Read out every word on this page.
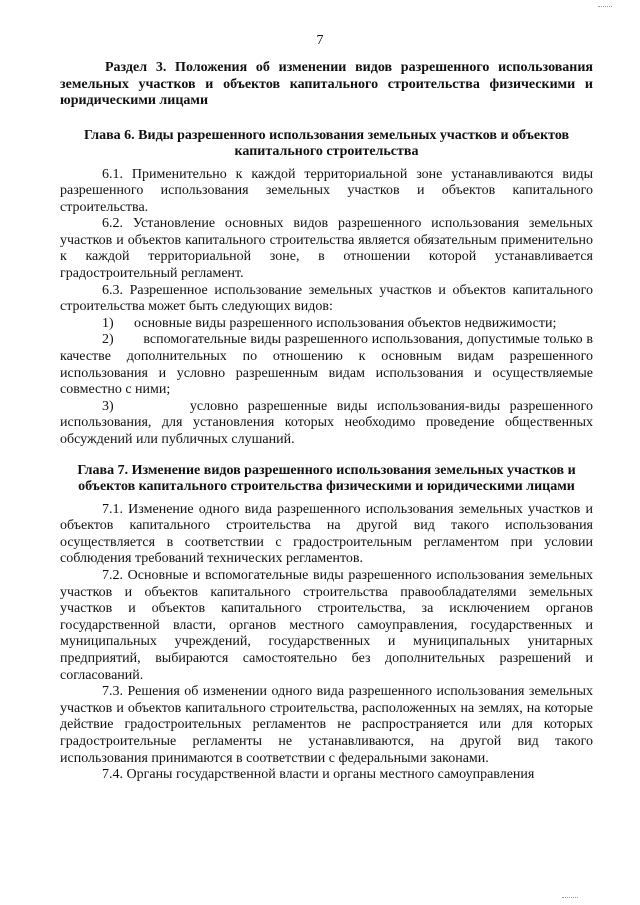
7
Раздел 3. Положения об изменении видов разрешенного использования земельных участков и объектов капитального строительства физическими и юридическими лицами
Глава 6. Виды разрешенного использования земельных участков и объектов капитального строительства

6.1. Применительно к каждой территориальной зоне устанавливаются виды разрешенного использования земельных участков и объектов капитального строительства.

6.2. Установление основных видов разрешенного использования земельных участков и объектов капитального строительства является обязательным применительно к каждой территориальной зоне, в отношении которой устанавливается градостроительный регламент.

6.3. Разрешенное использование земельных участков и объектов капитального строительства может быть следующих видов:

1)	основные виды разрешенного использования объектов недвижимости;

2) вспомогательные виды разрешенного использования, допустимые только в качестве дополнительных по отношению к основным видам разрешенного использования и условно разрешенным видам использования и осуществляемые совместно с ними;

3)	условно разрешенные виды использования-виды разрешенного использования, для установления которых необходимо проведение общественных обсуждений или публичных слушаний.

Глава 7. Изменение видов разрешенного использования земельных участков и объектов капитального строительства физическими и юридическими лицами

7.1. Изменение одного вида разрешенного использования земельных участков и объектов капитального строительства на другой вид такого использования осуществляется в соответствии с градостроительным регламентом при условии соблюдения требований технических регламентов.

7.2. Основные и вспомогательные виды разрешенного использования земельных участков и объектов капитального строительства правообладателями земельных участков и объектов капитального строительства, за исключением органов государственной власти, органов местного самоуправления, государственных и муниципальных учреждений, государственных и муниципальных унитарных предприятий, выбираются самостоятельно без дополнительных разрешений и согласований.

7.3. Решения об изменении одного вида разрешенного использования земельных участков и объектов капитального строительства, расположенных на землях, на которые действие градостроительных регламентов не распространяется или для которых градостроительные регламенты не устанавливаются, на другой вид такого использования принимаются в соответствии с федеральными законами.

7.4. Органы государственной власти и органы местного самоуправления
